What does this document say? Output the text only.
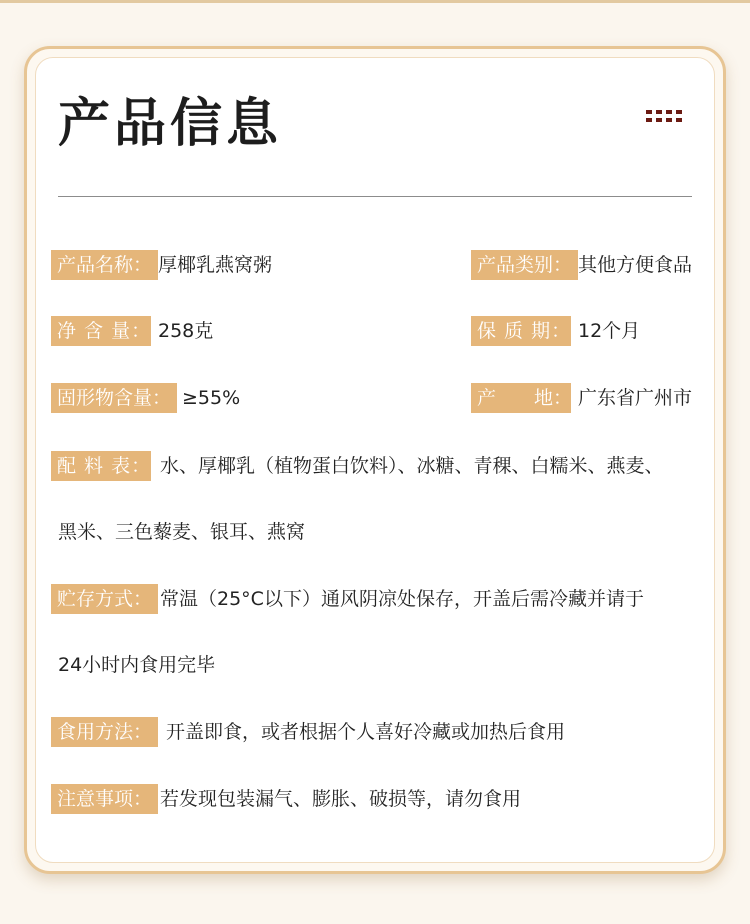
产品信息
产品名称： 厚椰乳燕窝粥	产品类别： 其他方便食品
净 含 量： 258克	保 质 期： 12个月
固形物含量： ≥55%	产　　地： 广东省广州市
配 料 表： 水、厚椰乳（植物蛋白饮料）、冰糖、青稞、白糯米、燕麦、
黑米、三色藜麦、银耳、燕窝
贮存方式： 常温（25°C以下）通风阴凉处保存，开盖后需冷藏并请于
24小时内食用完毕
食用方法： 开盖即食，或者根据个人喜好冷藏或加热后食用
注意事项： 若发现包装漏气、膨胀、破损等，请勿食用
